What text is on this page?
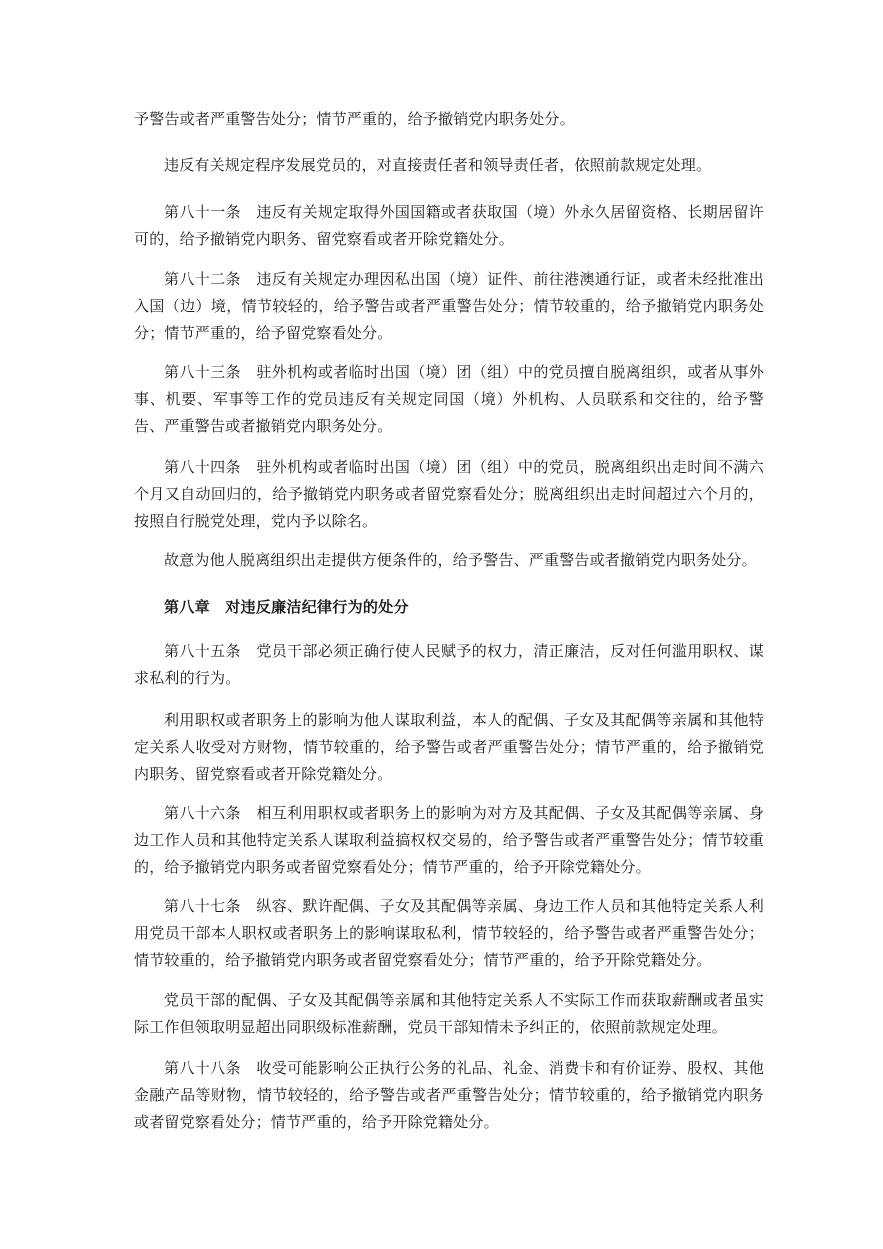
予警告或者严重警告处分；情节严重的，给予撤销党内职务处分。

违反有关规定程序发展党员的，对直接责任者和领导责任者，依照前款规定处理。

第八十一条　违反有关规定取得外国国籍或者获取国（境）外永久居留资格、长期居留许可的，给予撤销党内职务、留党察看或者开除党籍处分。

第八十二条　违反有关规定办理因私出国（境）证件、前往港澳通行证，或者未经批准出入国（边）境，情节较轻的，给予警告或者严重警告处分；情节较重的，给予撤销党内职务处分；情节严重的，给予留党察看处分。

第八十三条　驻外机构或者临时出国（境）团（组）中的党员擅自脱离组织，或者从事外事、机要、军事等工作的党员违反有关规定同国（境）外机构、人员联系和交往的，给予警告、严重警告或者撤销党内职务处分。

第八十四条　驻外机构或者临时出国（境）团（组）中的党员，脱离组织出走时间不满六个月又自动回归的，给予撤销党内职务或者留党察看处分；脱离组织出走时间超过六个月的，按照自行脱党处理，党内予以除名。

故意为他人脱离组织出走提供方便条件的，给予警告、严重警告或者撤销党内职务处分。

第八章　对违反廉洁纪律行为的处分

第八十五条　党员干部必须正确行使人民赋予的权力，清正廉洁，反对任何滥用职权、谋求私利的行为。

利用职权或者职务上的影响为他人谋取利益，本人的配偶、子女及其配偶等亲属和其他特定关系人收受对方财物，情节较重的，给予警告或者严重警告处分；情节严重的，给予撤销党内职务、留党察看或者开除党籍处分。

第八十六条　相互利用职权或者职务上的影响为对方及其配偶、子女及其配偶等亲属、身边工作人员和其他特定关系人谋取利益搞权权交易的，给予警告或者严重警告处分；情节较重的，给予撤销党内职务或者留党察看处分；情节严重的，给予开除党籍处分。

第八十七条　纵容、默许配偶、子女及其配偶等亲属、身边工作人员和其他特定关系人利用党员干部本人职权或者职务上的影响谋取私利，情节较轻的，给予警告或者严重警告处分；情节较重的，给予撤销党内职务或者留党察看处分；情节严重的，给予开除党籍处分。

党员干部的配偶、子女及其配偶等亲属和其他特定关系人不实际工作而获取薪酬或者虽实际工作但领取明显超出同职级标准薪酬，党员干部知情未予纠正的，依照前款规定处理。

第八十八条　收受可能影响公正执行公务的礼品、礼金、消费卡和有价证券、股权、其他金融产品等财物，情节较轻的，给予警告或者严重警告处分；情节较重的，给予撤销党内职务或者留党察看处分；情节严重的，给予开除党籍处分。
